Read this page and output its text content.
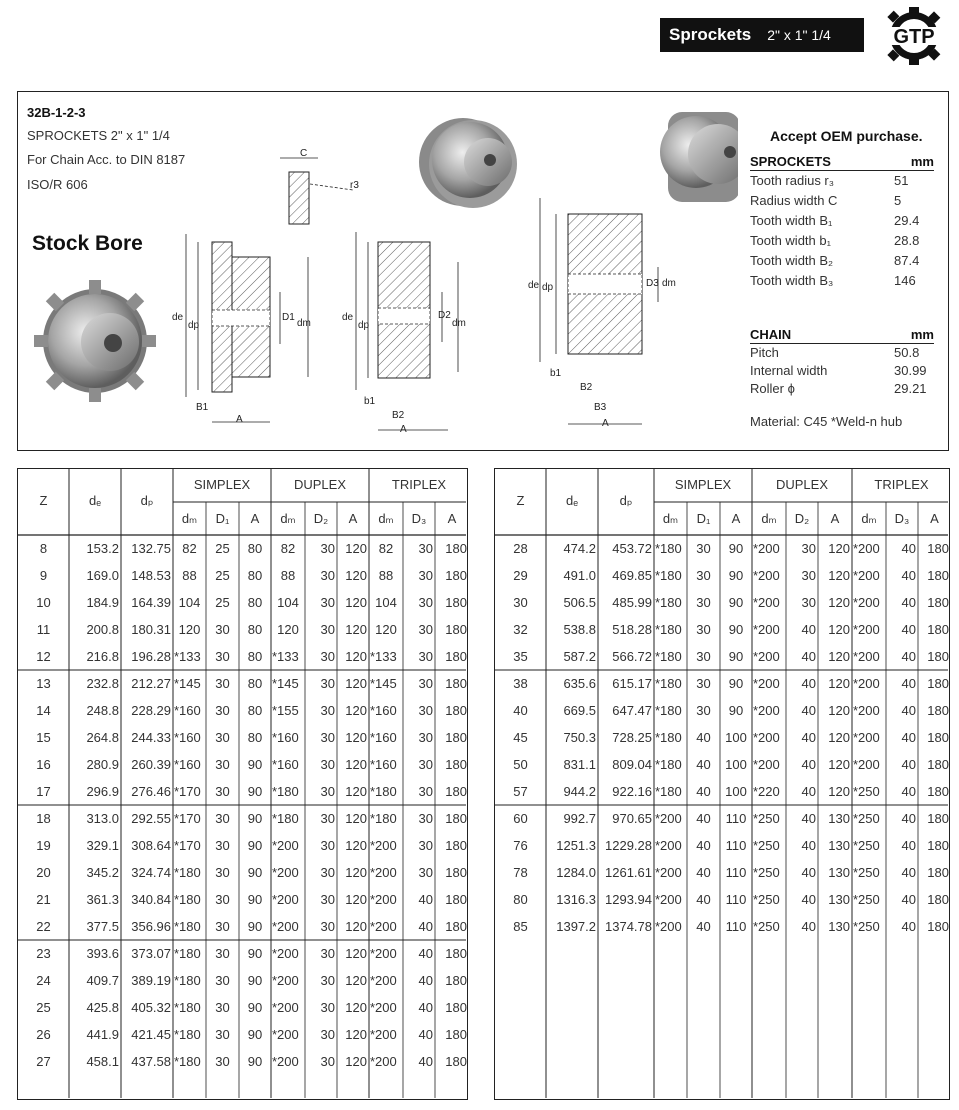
Sprockets 2" x 1" 1/4	GTP
32B-1-2-3
SPROCKETS 2" x 1" 1/4
For Chain Acc. to DIN 8187
ISO/R 606
Stock Bore
C
r3
de
dp
D1
dm
B1
A
de
dp
D2
dm
b1
B2
A
de dp	D3 dm
b1
B2
B3
A
Accept OEM purchase.
SPROCKETS	mm
Tooth radius r₃	51
Radius width C	5
Tooth width B₁	29.4
Tooth width b₁	28.8
Tooth width B₂	87.4
Tooth width B₃	146
CHAIN	mm
Pitch	50.8
Internal width	30.99
Roller ϕ	29.21
Material: C45 *Weld-n hub
Z	dₑ	dₚ
SIMPLEX	DUPLEX	TRIPLEX
dₘ	D₁	A	dₘ	D₂	A	dₘ	D₃	A
8	153.2 132.75 82	25	80	82	30 120 82	30 180
9	169.0 148.53 88	25	80	88	30 120 88	30 180
10	184.9 164.39 104	25	80	104	30 120 104	30 180
11	200.8 180.31 120	30	80	120	30 120 120	30 180
12	216.8 196.28 *133	30	80 *133	30 120 *133	30 180
13	232.8 212.27 *145	30	80 *145	30 120 *145	30 180
14	248.8 228.29 *160	30	80 *155	30 120 *160	30 180
15	264.8 244.33 *160	30	80 *160	30 120 *160	30 180
16	280.9 260.39 *160	30	90 *160	30 120 *160	30 180
17	296.9 276.46 *170	30	90 *180	30 120 *180	30 180
18	313.0 292.55 *170	30	90 *180	30 120 *180	30 180
19	329.1 308.64 *170	30	90 *200	30 120 *200	30 180
20	345.2 324.74 *180	30	90 *200	30 120 *200	30 180
21	361.3 340.84 *180	30	90 *200	30 120 *200	40 180
22	377.5 356.96 *180	30	90 *200	30 120 *200	40 180
23	393.6 373.07 *180	30	90 *200	30 120 *200	40 180
24	409.7 389.19 *180	30	90 *200	30 120 *200	40 180
25	425.8 405.32 *180	30	90 *200	30 120 *200	40 180
26	441.9 421.45 *180	30	90 *200	30 120 *200	40 180
27	458.1 437.58 *180	30	90 *200	30 120 *200	40 180
Z	dₑ	dₚ
SIMPLEX	DUPLEX	TRIPLEX
dₘ	D₁	A	dₘ	D₂	A	dₘ	D₃	A
28	474.2	453.72 *180	30	90 *200	30 120 *200	40 180
29	491.0	469.85 *180	30	90 *200	30 120 *200	40 180
30	506.5	485.99 *180	30	90 *200	30 120 *200	40 180
32	538.8	518.28 *180	30	90 *200	40 120 *200	40 180
35	587.2	566.72 *180	30	90 *200	40 120 *200	40 180
38	635.6	615.17 *180	30	90 *200	40 120 *200	40 180
40	669.5	647.47 *180	30	90 *200	40 120 *200	40 180
45	750.3	728.25 *180	40	100 *200	40 120 *200	40 180
50	831.1	809.04 *180	40	100 *200	40 120 *200	40 180
57	944.2	922.16 *180	40	100 *220	40 120 *250	40 180
60	992.7	970.65 *200	40	110 *250	40 130 *250	40 180
76	1251.3 1229.28 *200	40	110 *250	40 130 *250	40 180
78	1284.0 1261.61 *200	40	110 *250	40 130 *250	40 180
80	1316.3 1293.94 *200	40	110 *250	40 130 *250	40 180
85	1397.2 1374.78 *200	40	110 *250	40 130 *250	40 180
